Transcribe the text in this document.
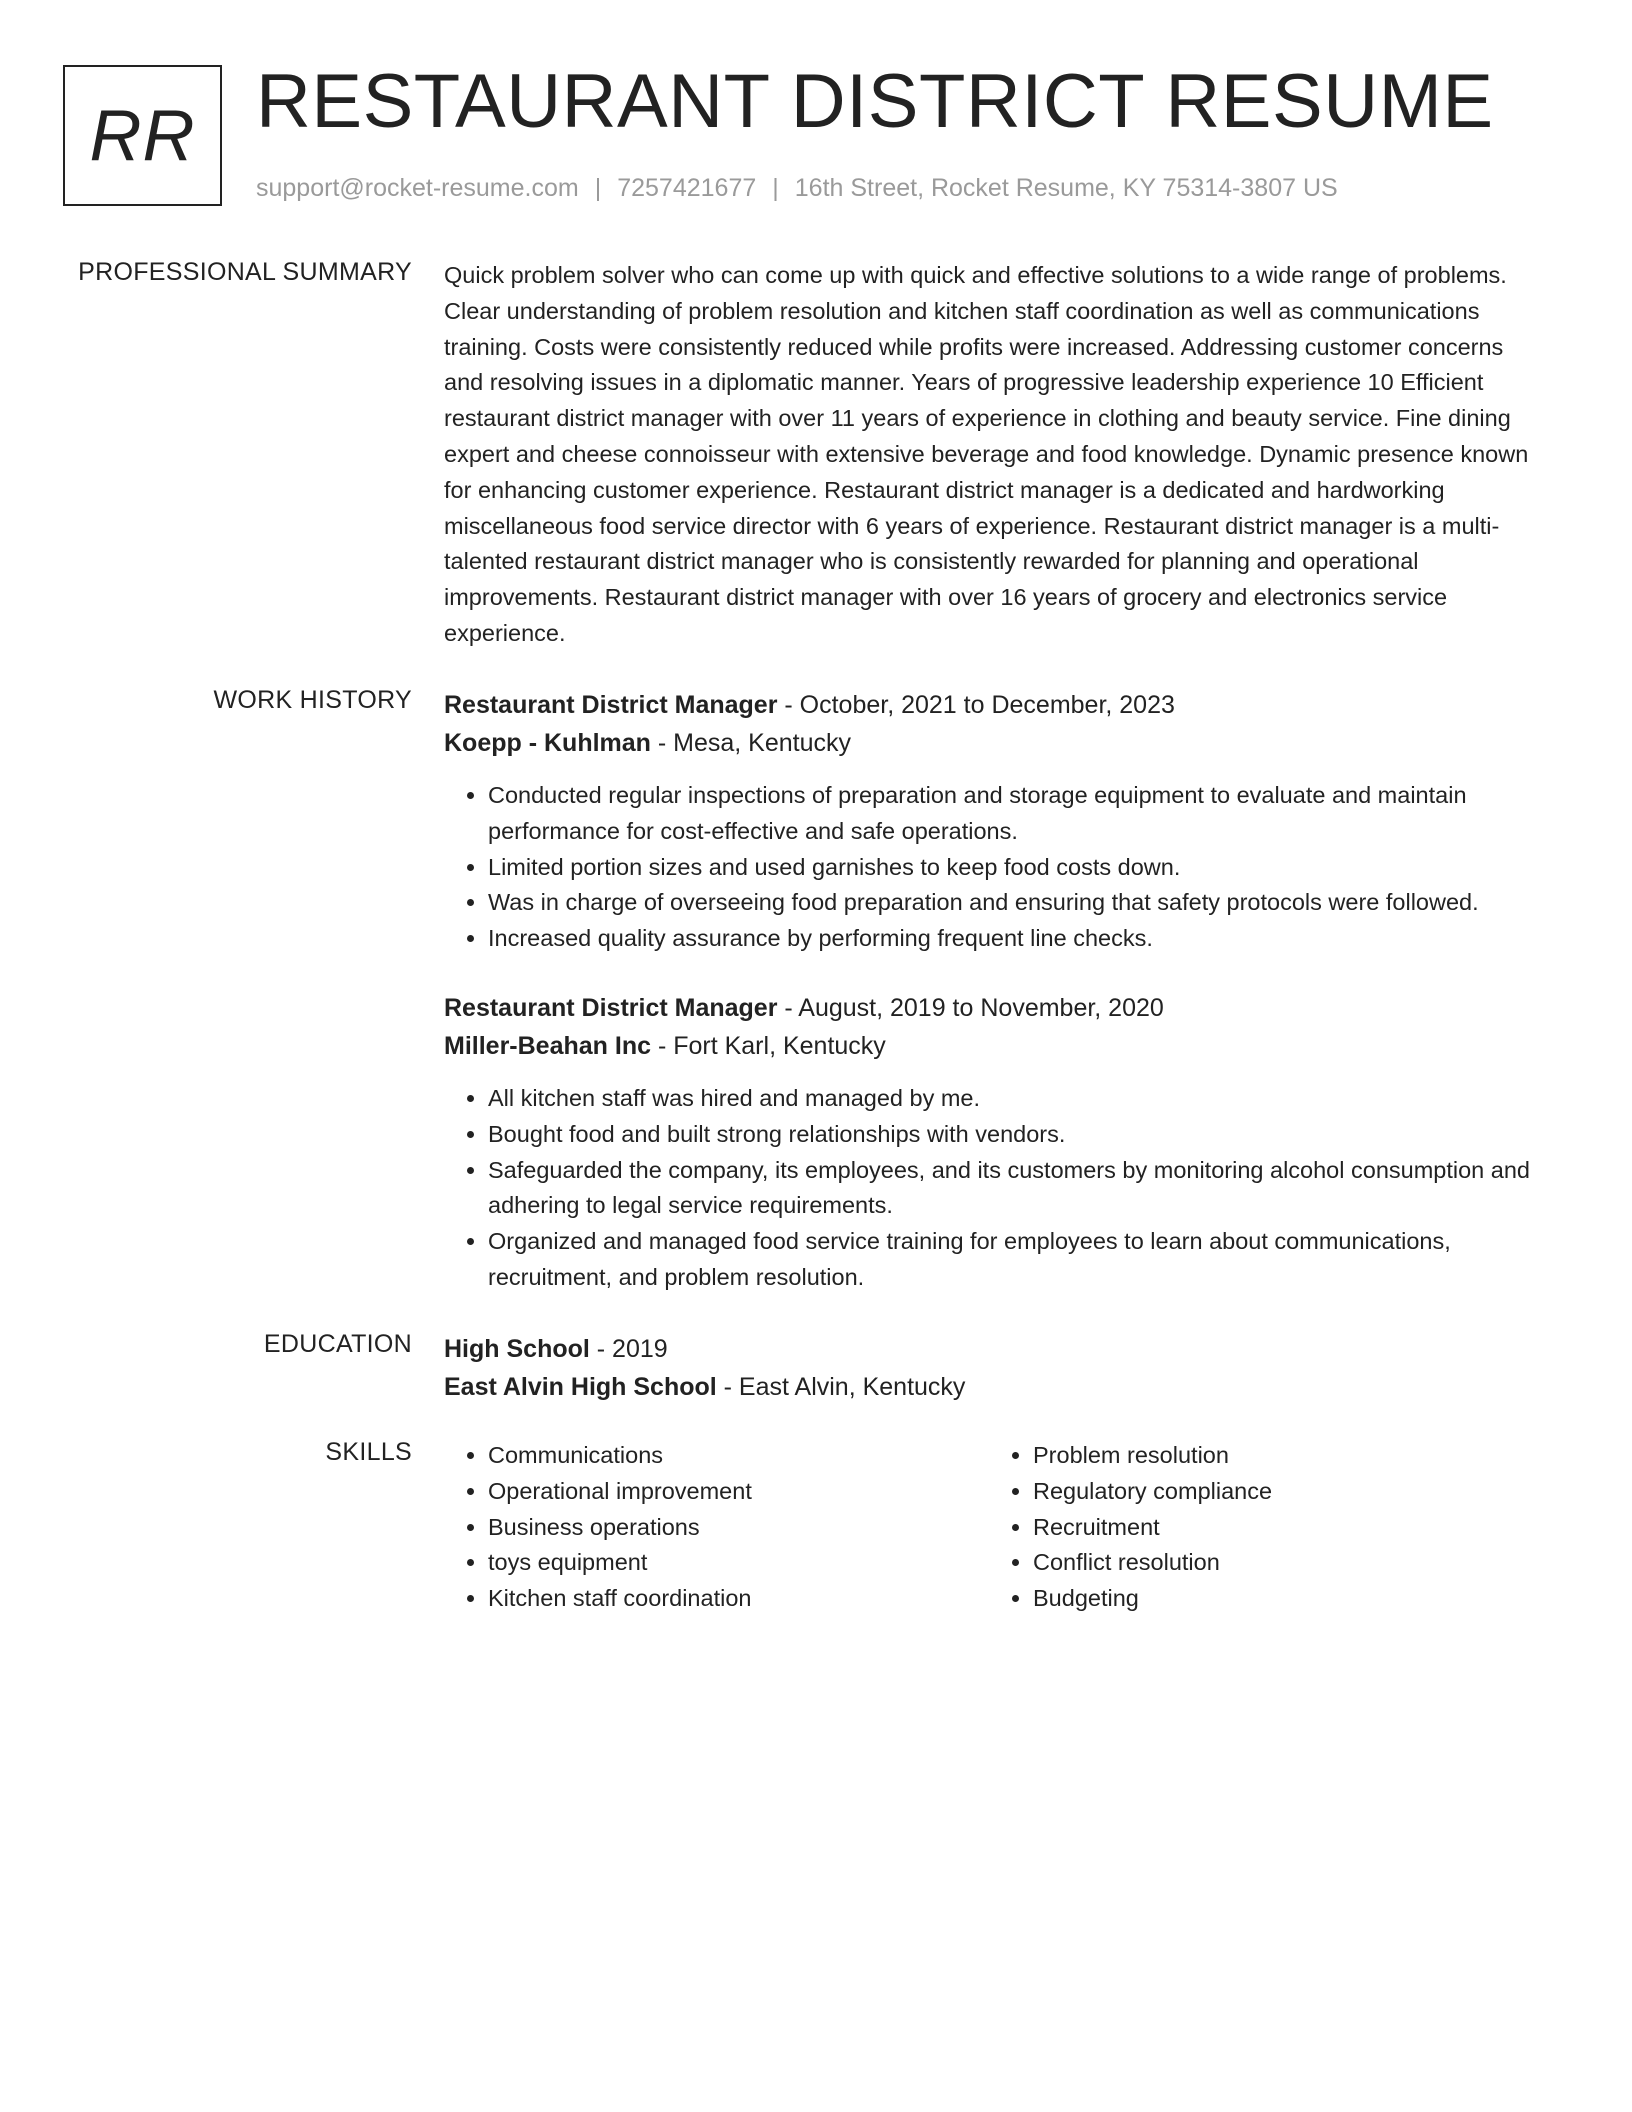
RR RESTAURANT DISTRICT RESUME
support@rocket-resume.com | 7257421677 | 16th Street, Rocket Resume, KY 75314-3807 US
PROFESSIONAL SUMMARY Quick problem solver who can come up with quick and effective solutions to a wide range of problems. Clear understanding of problem resolution and kitchen staff coordination as well as communications training. Costs were consistently reduced while profits were increased. Addressing customer concerns and resolving issues in a diplomatic manner. Years of progressive leadership experience 10 Efficient restaurant district manager with over 11 years of experience in clothing and beauty service. Fine dining expert and cheese connoisseur with extensive beverage and food knowledge. Dynamic presence known for enhancing customer experience. Restaurant district manager is a dedicated and hardworking miscellaneous food service director with 6 years of experience. Restaurant district manager is a multi-talented restaurant district manager who is consistently rewarded for planning and operational improvements. Restaurant district manager with over 16 years of grocery and electronics service experience.

WORK HISTORY Restaurant District Manager - October, 2021 to December, 2023
Koepp - Kuhlman - Mesa, Kentucky
• Conducted regular inspections of preparation and storage equipment to evaluate and maintain performance for cost-effective and safe operations.
• Limited portion sizes and used garnishes to keep food costs down.
• Was in charge of overseeing food preparation and ensuring that safety protocols were followed.
• Increased quality assurance by performing frequent line checks.
Restaurant District Manager - August, 2019 to November, 2020
Miller-Beahan Inc - Fort Karl, Kentucky
• All kitchen staff was hired and managed by me.
• Bought food and built strong relationships with vendors.
• Safeguarded the company, its employees, and its customers by monitoring alcohol consumption and adhering to legal service requirements.
• Organized and managed food service training for employees to learn about communications, recruitment, and problem resolution.
EDUCATION High School - 2019
East Alvin High School - East Alvin, Kentucky
SKILLS
•	Communications
• Operational improvement
• Business operations
• toys equipment
• Kitchen staff coordination
• Problem resolution
• Regulatory compliance
• Recruitment
• Conflict resolution
• Budgeting
